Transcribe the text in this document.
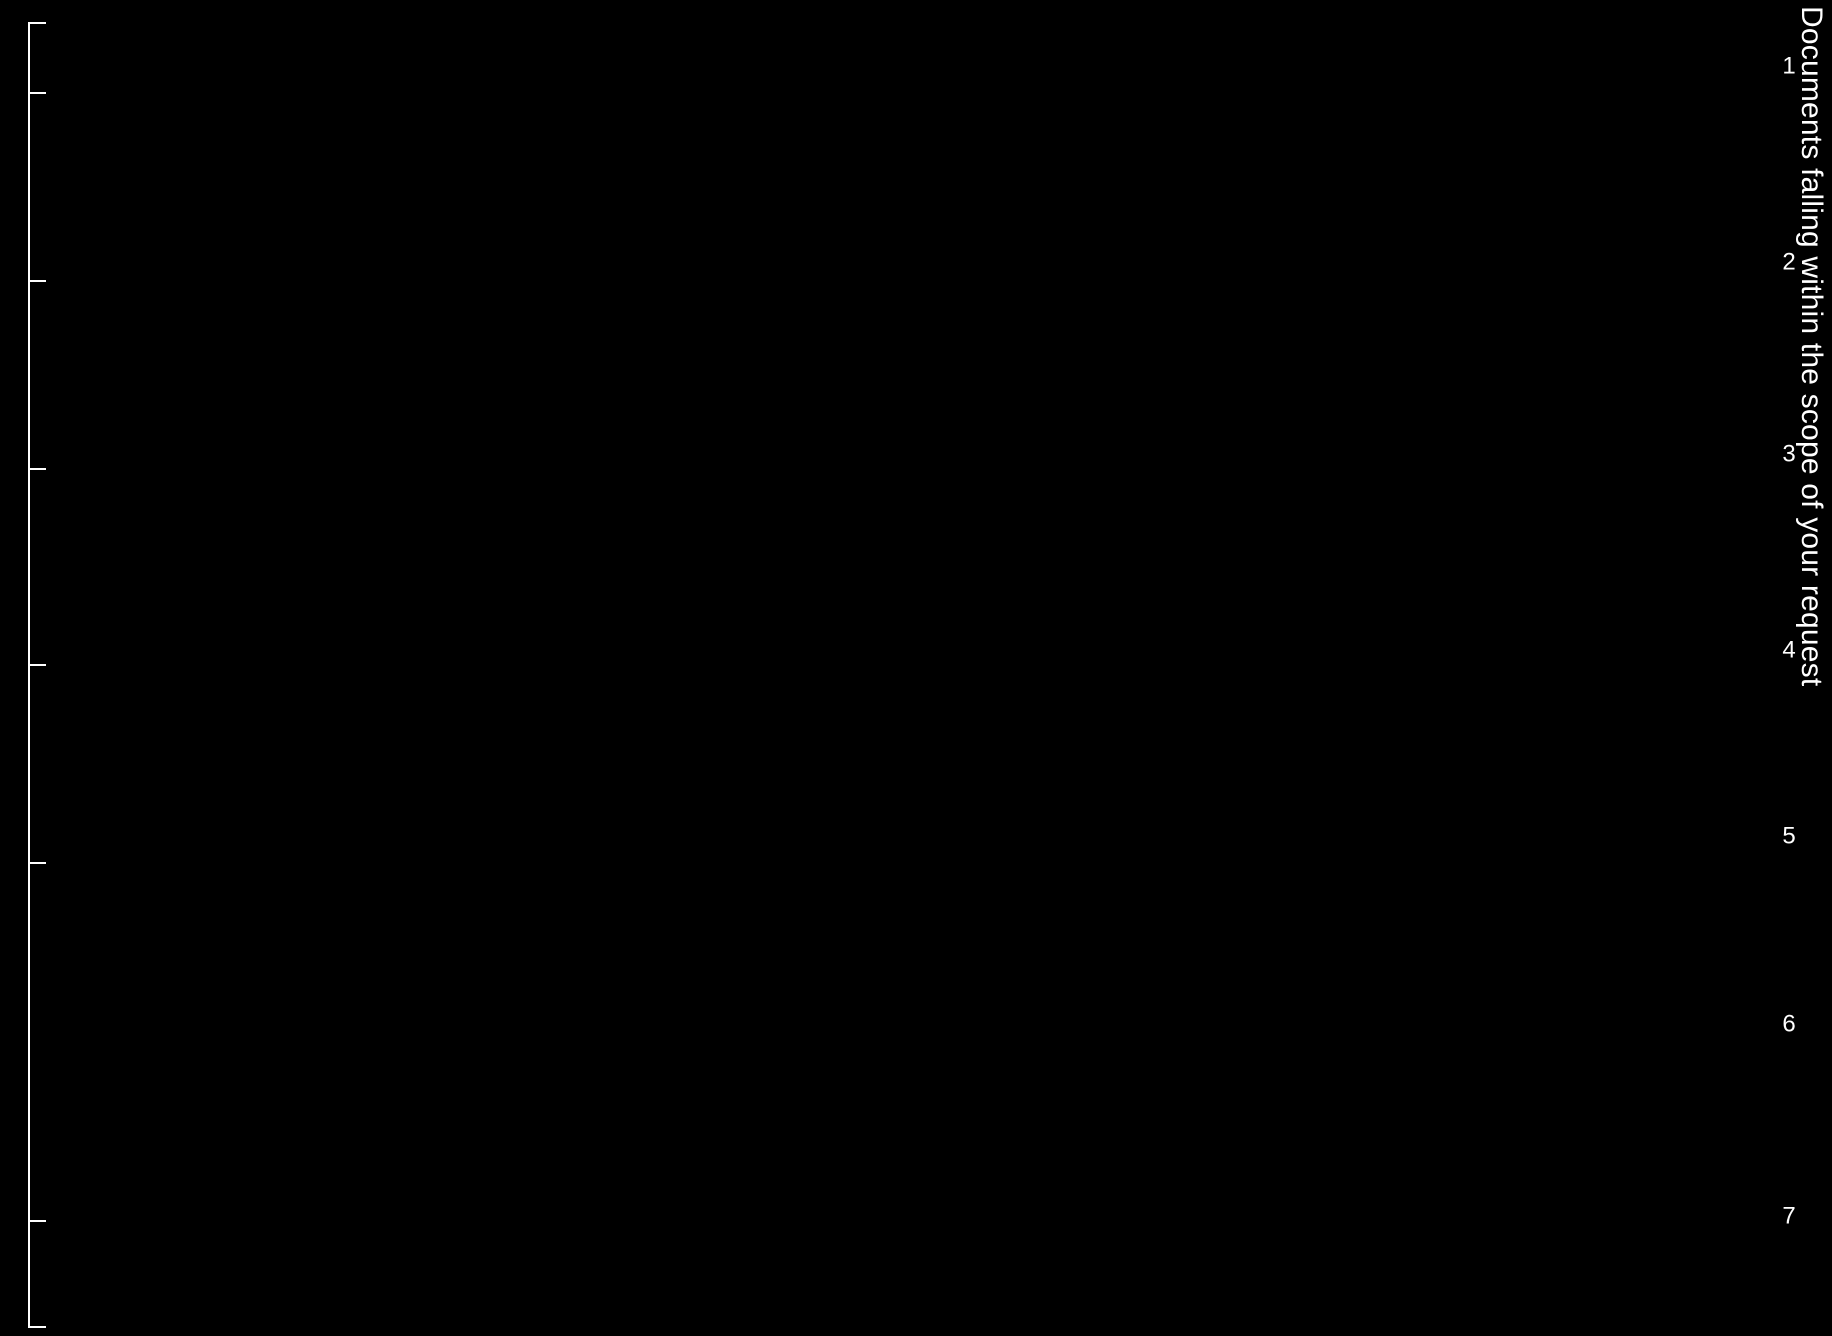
Documents falling within the scope of your request
1
2
3
4
5
6
7
